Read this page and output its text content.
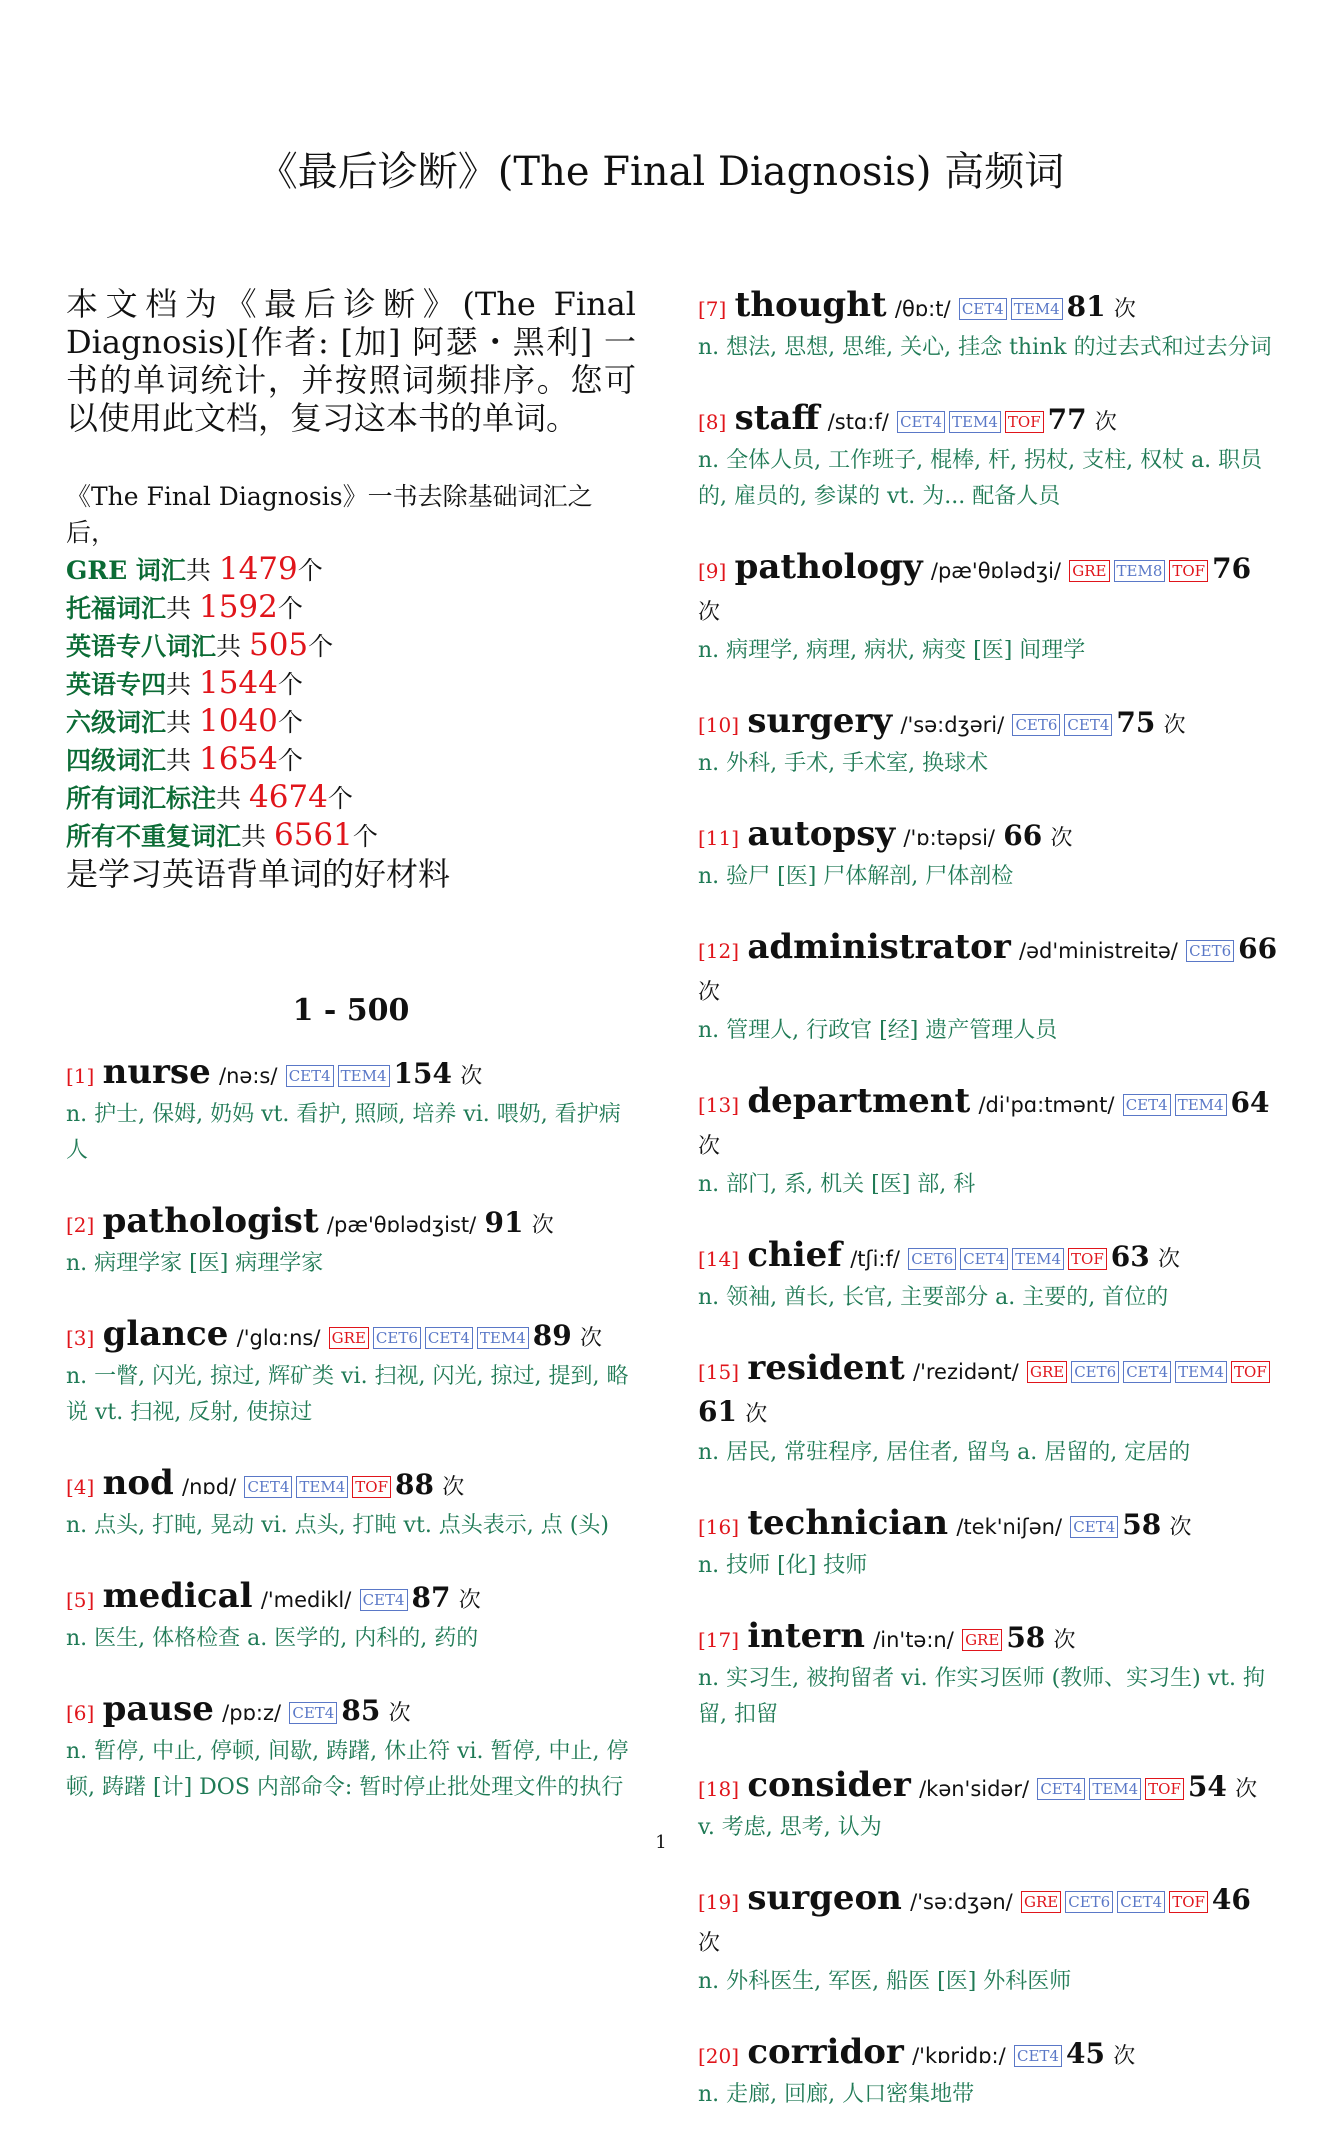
《最后诊断》(The Final Diagnosis) 高频词

本文档为《最后诊断》(The Final Diagnosis)[作者: [加] 阿瑟・黑利] 一书的单词统计，并按照词频排序。您可以使用此文档，复习这本书的单词。

《The Final Diagnosis》一书去除基础词汇之后，
GRE 词汇共 1479个
托福词汇共 1592个
英语专八词汇共 505个
英语专四共 1544个
六级词汇共 1040个
四级词汇共 1654个
所有词汇标注共 4674个
所有不重复词汇共 6561个
是学习英语背单词的好材料
1 - 500
[1] nurse /nə:s/ CET4 TEM4 154 次
n. 护士, 保姆, 奶妈 vt. 看护, 照顾, 培养 vi. 喂奶, 看护病人
[2] pathologist /pæ'θɒlədʒist/ 91 次
n. 病理学家 [医] 病理学家
[3] glance /'glɑ:ns/ GRE CET6 CET4 TEM4 89 次
n. 一瞥, 闪光, 掠过, 辉矿类 vi. 扫视, 闪光, 掠过, 提到, 略说 vt. 扫视, 反射, 使掠过
[4] nod /nɒd/ CET4 TEM4 TOF 88 次
n. 点头, 打盹, 晃动 vi. 点头, 打盹 vt. 点头表示, 点 (头)
[5] medical /'medikl/ CET4 87 次
n. 医生, 体格检查 a. 医学的, 内科的, 药的
[6] pause /pɒ:z/ CET4 85 次
n. 暂停, 中止, 停顿, 间歇, 踌躇, 休止符 vi. 暂停, 中止, 停顿, 踌躇 [计] DOS 内部命令: 暂时停止批处理文件的执行
[7] thought /θɒ:t/ CET4 TEM4 81 次
n. 想法, 思想, 思维, 关心, 挂念 think 的过去式和过去分词
[8] staff /stɑ:f/ CET4 TEM4 TOF 77 次
n. 全体人员, 工作班子, 棍棒, 杆, 拐杖, 支柱, 权杖 a. 职员的, 雇员的, 参谋的 vt. 为... 配备人员
[9] pathology /pæ'θɒlədʒi/ GRE TEM8 TOF 76 次
n. 病理学, 病理, 病状, 病变 [医] 间理学
[10] surgery /'sə:dʒəri/ CET6 CET4 75 次
n. 外科, 手术, 手术室, 换球术
[11] autopsy /'ɒ:təpsi/ 66 次
n. 验尸 [医] 尸体解剖, 尸体剖检
[12] administrator /əd'ministreitə/ CET6 66 次
n. 管理人, 行政官 [经] 遗产管理人员
[13] department /di'pɑ:tmənt/ CET4 TEM4 64 次
n. 部门, 系, 机关 [医] 部, 科
[14] chief /tʃi:f/ CET6 CET4 TEM4 TOF 63 次
n. 领袖, 酋长, 长官, 主要部分 a. 主要的, 首位的
[15] resident /'rezidənt/ GRE CET6 CET4 TEM4 TOF61 次
n. 居民, 常驻程序, 居住者, 留鸟 a. 居留的, 定居的
[16] technician /tek'niʃən/ CET4 58 次
n. 技师 [化] 技师
[17] intern /in'tə:n/ GRE 58 次
n. 实习生, 被拘留者 vi. 作实习医师 (教师、实习生) vt. 拘留, 扣留
[18] consider /kən'sidər/ CET4 TEM4 TOF 54 次
v. 考虑, 思考, 认为
[19] surgeon /'sə:dʒən/ GRE CET6 CET4 TOF 46 次
n. 外科医生, 军医, 船医 [医] 外科医师
[20] corridor /'kɒridɒ:/ CET4 45 次
n. 走廊, 回廊, 人口密集地带
1
